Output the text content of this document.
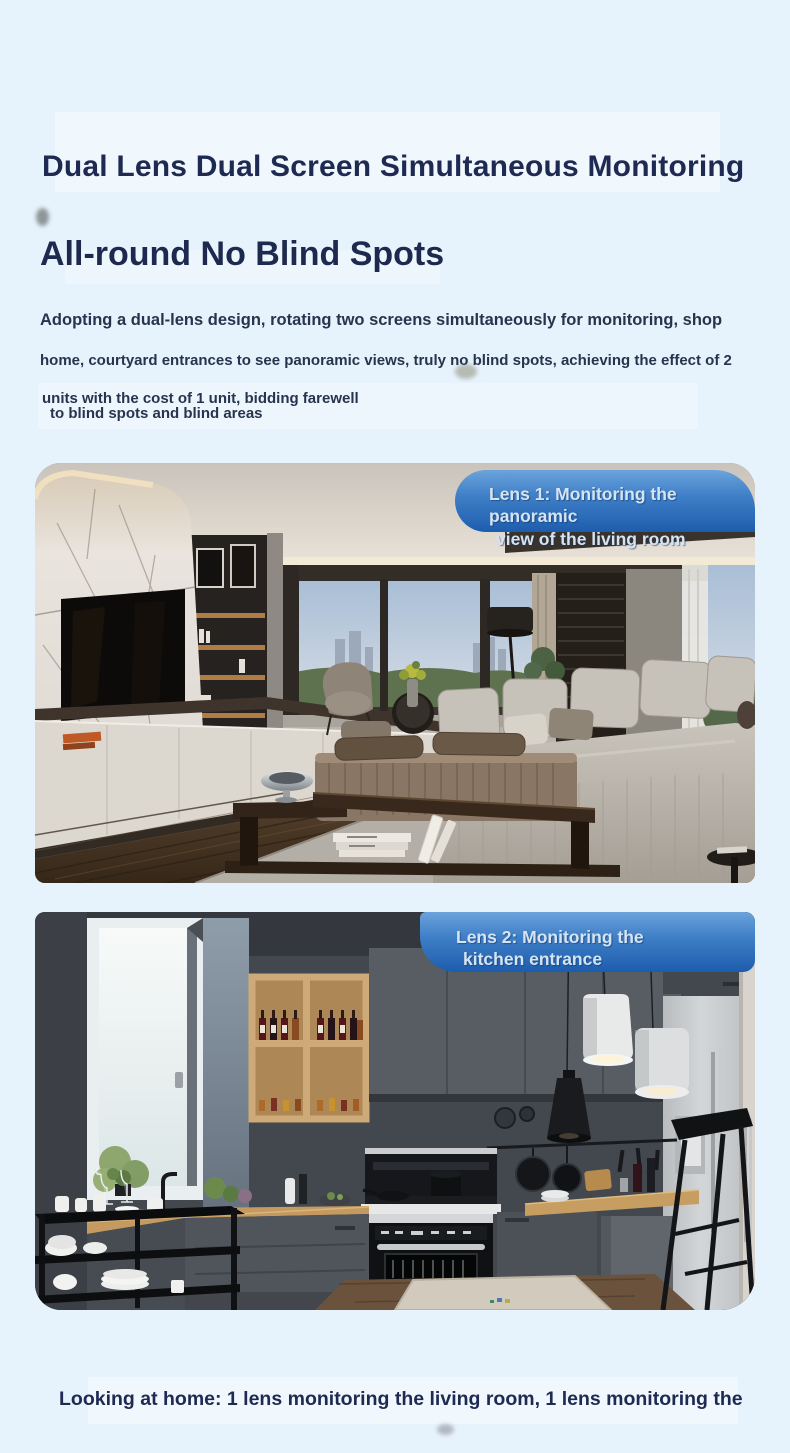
Dual Lens Dual Screen Simultaneous Monitoring
All-round No Blind Spots
Adopting a dual-lens design, rotating two screens simultaneously for monitoring, shop
home, courtyard entrances to see panoramic views, truly no blind spots, achieving the effect of 2
units with the cost of 1 unit, bidding farewell
to blind spots and blind areas
Lens 1: Monitoring the panoramic
view of the living room
Lens 2: Monitoring the
kitchen entrance
Looking at home: 1 lens monitoring the living room, 1 lens monitoring the
